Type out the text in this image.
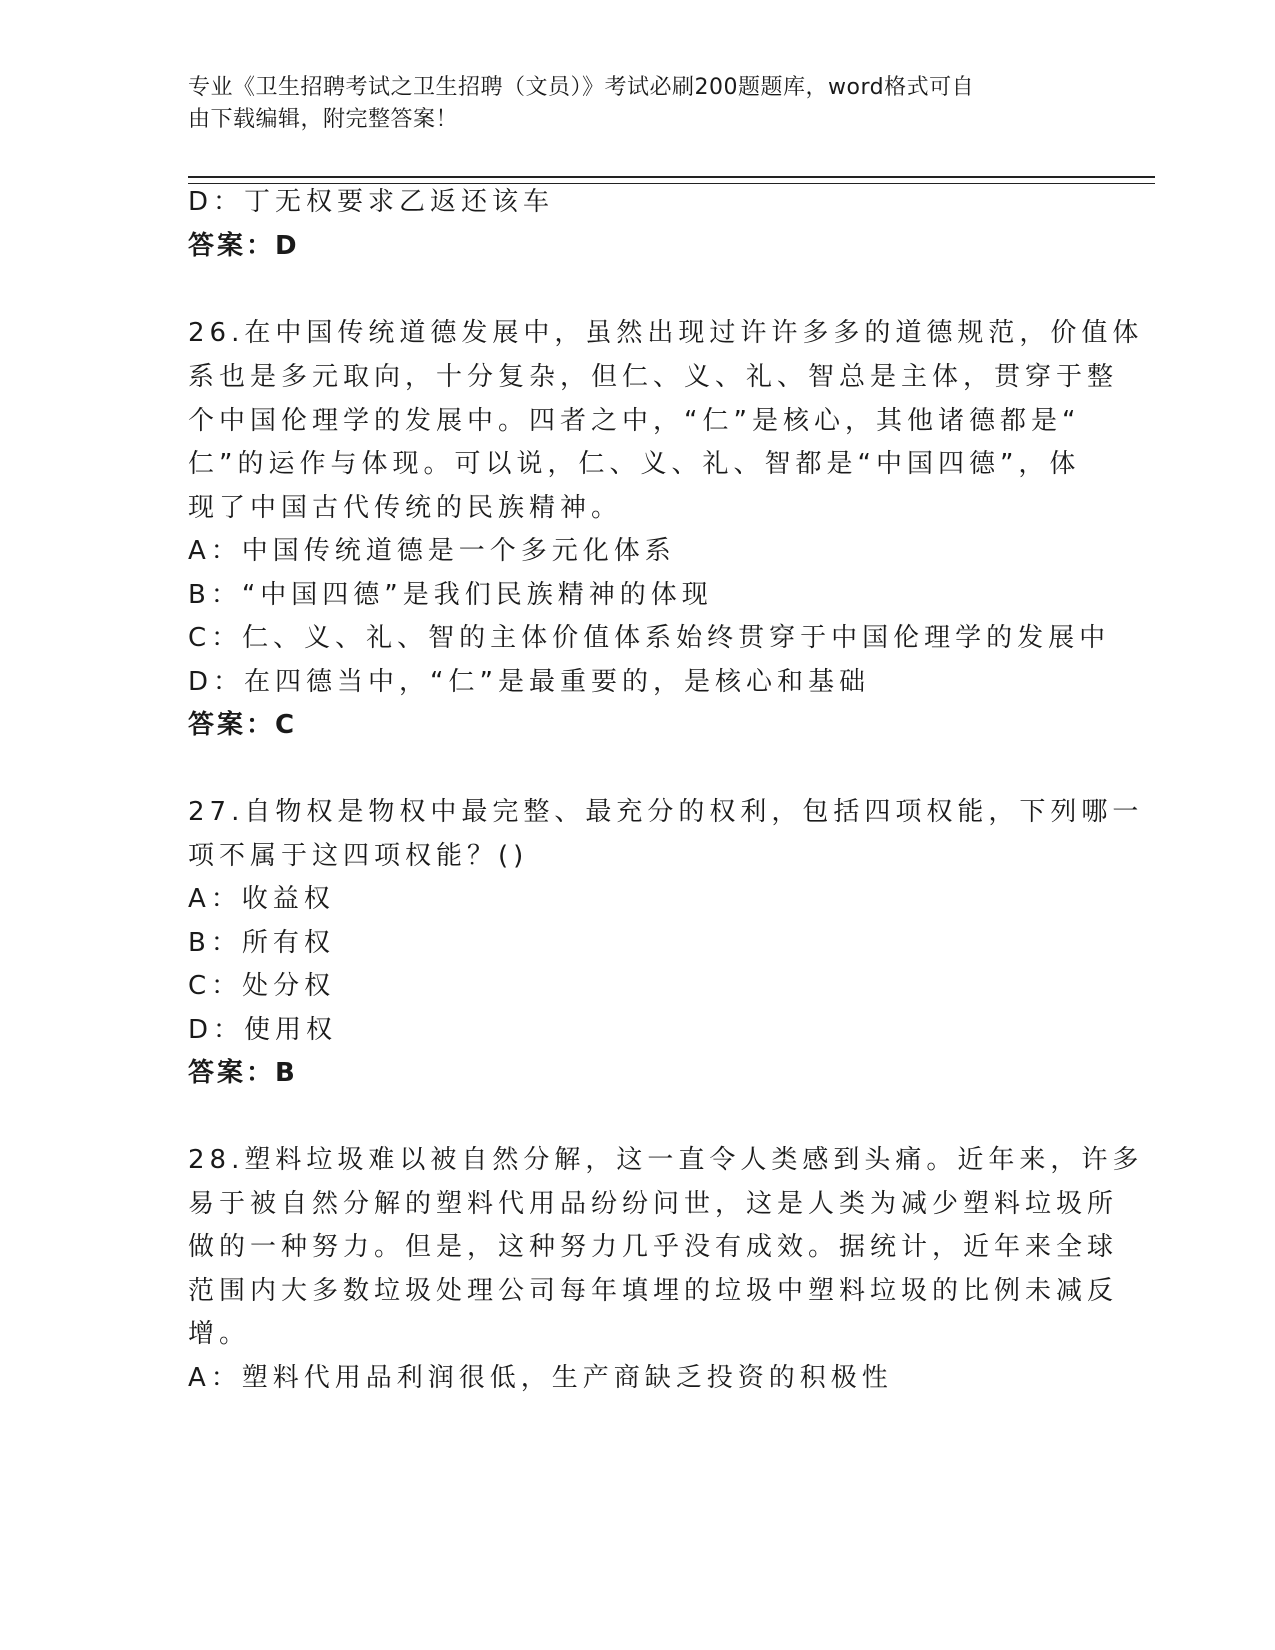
专业《卫生招聘考试之卫生招聘（文员）》考试必刷200题题库，word格式可自
由下载编辑，附完整答案！
D：丁无权要求乙返还该车
答案：D
26.在中国传统道德发展中，虽然出现过许许多多的道德规范，价值体
系也是多元取向，十分复杂，但仁、义、礼、智总是主体，贯穿于整
个中国伦理学的发展中。四者之中，“仁”是核心，其他诸德都是“
仁”的运作与体现。可以说，仁、义、礼、智都是“中国四德”，体
现了中国古代传统的民族精神。
A：中国传统道德是一个多元化体系
B：“中国四德”是我们民族精神的体现
C：仁、义、礼、智的主体价值体系始终贯穿于中国伦理学的发展中
D：在四德当中，“仁”是最重要的，是核心和基础
答案：C
27.自物权是物权中最完整、最充分的权利，包括四项权能，下列哪一
项不属于这四项权能？()
A：收益权
B：所有权
C：处分权
D：使用权
答案：B
28.塑料垃圾难以被自然分解，这一直令人类感到头痛。近年来，许多
易于被自然分解的塑料代用品纷纷问世，这是人类为减少塑料垃圾所
做的一种努力。但是，这种努力几乎没有成效。据统计，近年来全球
范围内大多数垃圾处理公司每年填埋的垃圾中塑料垃圾的比例未减反
增。
A：塑料代用品利润很低，生产商缺乏投资的积极性
